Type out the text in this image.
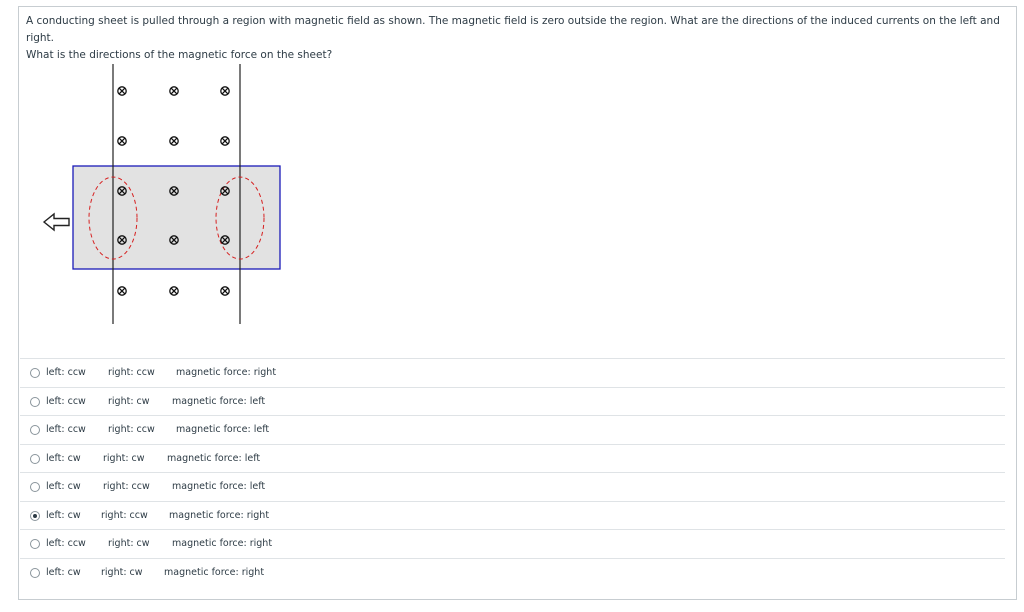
A conducting sheet is pulled through a region with magnetic field as shown. The magnetic field is zero outside the region. What are the directions of the induced currents on the left and right.
What is the directions of the magnetic force on the sheet?

left: ccw right: ccw magnetic force: right
left: ccw right: cw magnetic force: left
left: ccw right: ccw magnetic force: left
left: cw right: cw magnetic force: left
left: cw right: ccw magnetic force: left
left: cw right: ccw magnetic force: right
left: ccw right: cw magnetic force: right
left: cw right: cw magnetic force: right
